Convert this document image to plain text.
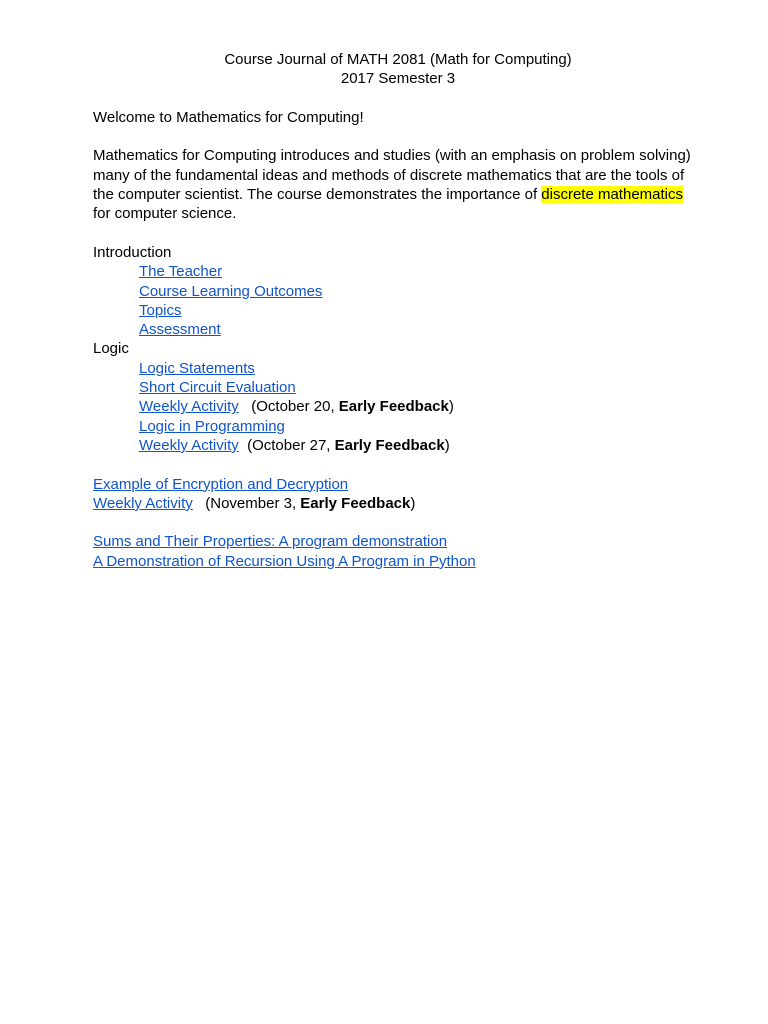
Course Journal of MATH 2081 (Math for Computing)
2017 Semester 3

Welcome to Mathematics for Computing!

Mathematics for Computing introduces and studies (with an emphasis on problem solving) many of the fundamental ideas and methods of discrete mathematics that are the tools of the computer scientist. The course demonstrates the importance of discrete mathematics for computer science.

Introduction
The Teacher
Course Learning Outcomes
Topics
Assessment
Logic
Logic Statements
Short Circuit Evaluation
Weekly Activity   (October 20, Early Feedback)
Logic in Programming
Weekly Activity  (October 27, Early Feedback)
Example of Encryption and Decryption
Weekly Activity   (November 3, Early Feedback)
Sums and Their Properties: A program demonstration
A Demonstration of Recursion Using A Program in Python
